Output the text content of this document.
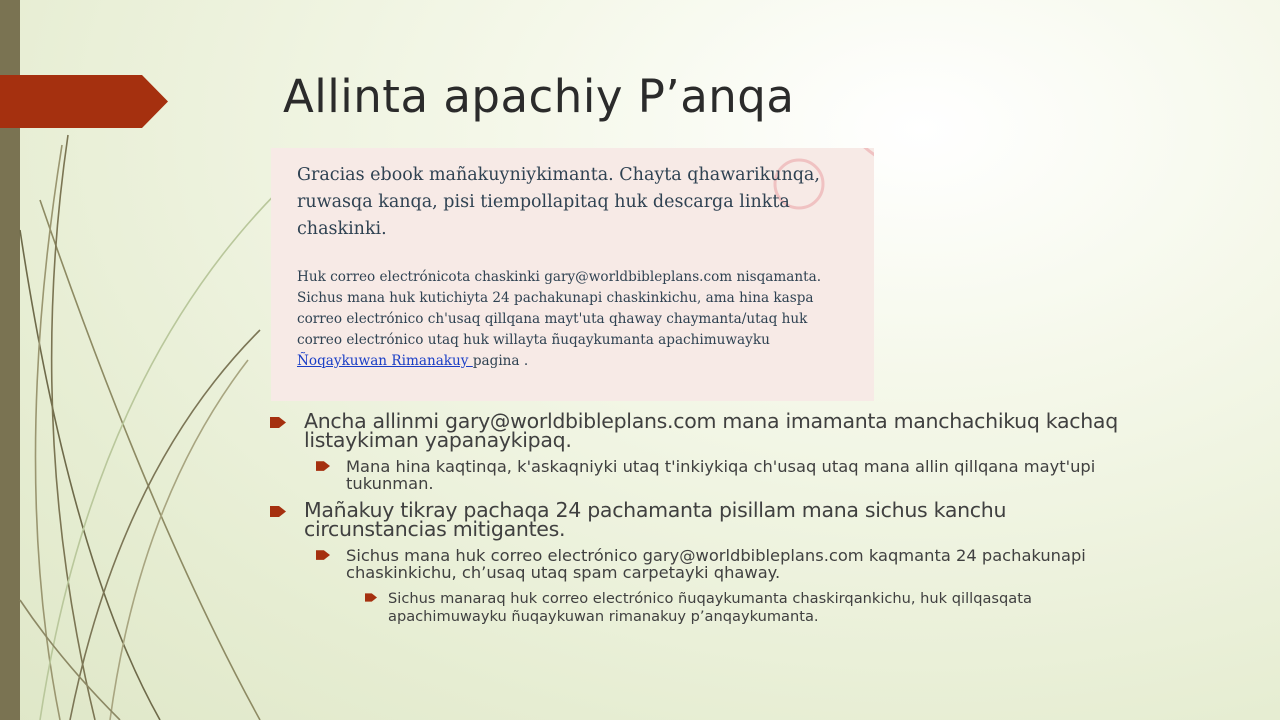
Allinta apachiy P’anqa

Gracias ebook mañakuyniykimanta. Chayta qhawarikunqa, ruwasqa kanqa, pisi tiempollapitaq huk descarga linkta chaskinki.

Huk correo electrónicota chaskinki gary@worldbibleplans.com nisqamanta. Sichus mana huk kutichiyta 24 pachakunapi chaskinkichu, ama hina kaspa correo electrónico ch'usaq qillqana mayt'uta qhaway chaymanta/utaq huk correo electrónico utaq huk willayta ñuqaykumanta apachimuwayku Ñoqaykuwan Rimanakuy pagina .

Ancha allinmi gary@worldbibleplans.com mana imamanta manchachikuq kachaq listaykiman yapanaykipaq.
Mana hina kaqtinqa, k'askaqniyki utaq t'inkiykiqa ch'usaq utaq mana allin qillqana mayt'upi tukunman.
Mañakuy tikray pachaqa 24 pachamanta pisillam mana sichus kanchu circunstancias mitigantes.
Sichus mana huk correo electrónico gary@worldbibleplans.com kaqmanta 24 pachakunapi chaskinkichu, ch’usaq utaq spam carpetayki qhaway.
Sichus manaraq huk correo electrónico ñuqaykumanta chaskirqankichu, huk qillqasqata apachimuwayku ñuqaykuwan rimanakuy p’anqaykumanta.
